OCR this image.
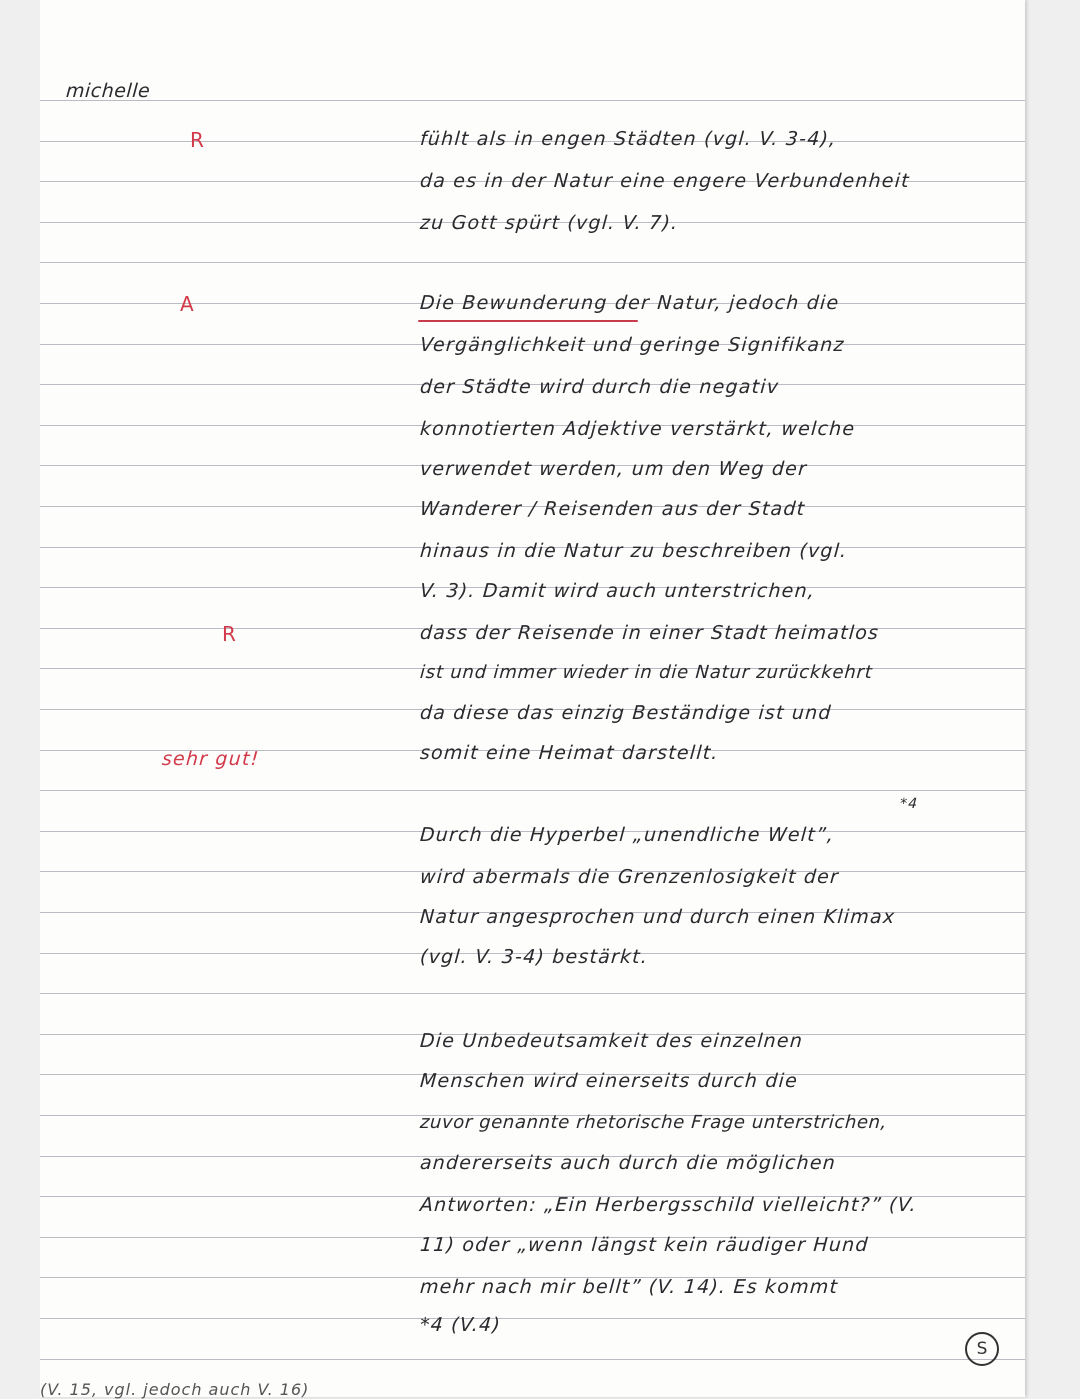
michelle
R
A
R
sehr gut!
fühlt als in engen Städten (vgl. V. 3-4),
da es in der Natur eine engere Verbundenheit
zu Gott spürt (vgl. V. 7).
Die Bewunderung der Natur, jedoch die
Vergänglichkeit und geringe Signifikanz
der Städte wird durch die negativ
konnotierten Adjektive verstärkt, welche
verwendet werden, um den Weg der
Wanderer / Reisenden aus der Stadt
hinaus in die Natur zu beschreiben (vgl.
V. 3). Damit wird auch unterstrichen,
dass der Reisende in einer Stadt heimatlos
ist und immer wieder in die Natur zurückkehrt
da diese das einzig Beständige ist und
somit eine Heimat darstellt.
*4
Durch die Hyperbel „unendliche Welt”,
wird abermals die Grenzenlosigkeit der
Natur angesprochen und durch einen Klimax
(vgl. V. 3-4) bestärkt.
Die Unbedeutsamkeit des einzelnen
Menschen wird einerseits durch die
zuvor genannte rhetorische Frage unterstrichen,
andererseits auch durch die möglichen
Antworten: „Ein Herbergsschild vielleicht?” (V.
11) oder „wenn längst kein räudiger Hund
mehr nach mir bellt” (V. 14). Es kommt
*4 (V.4)
S
(V. 15, vgl. jedoch auch V. 16)
